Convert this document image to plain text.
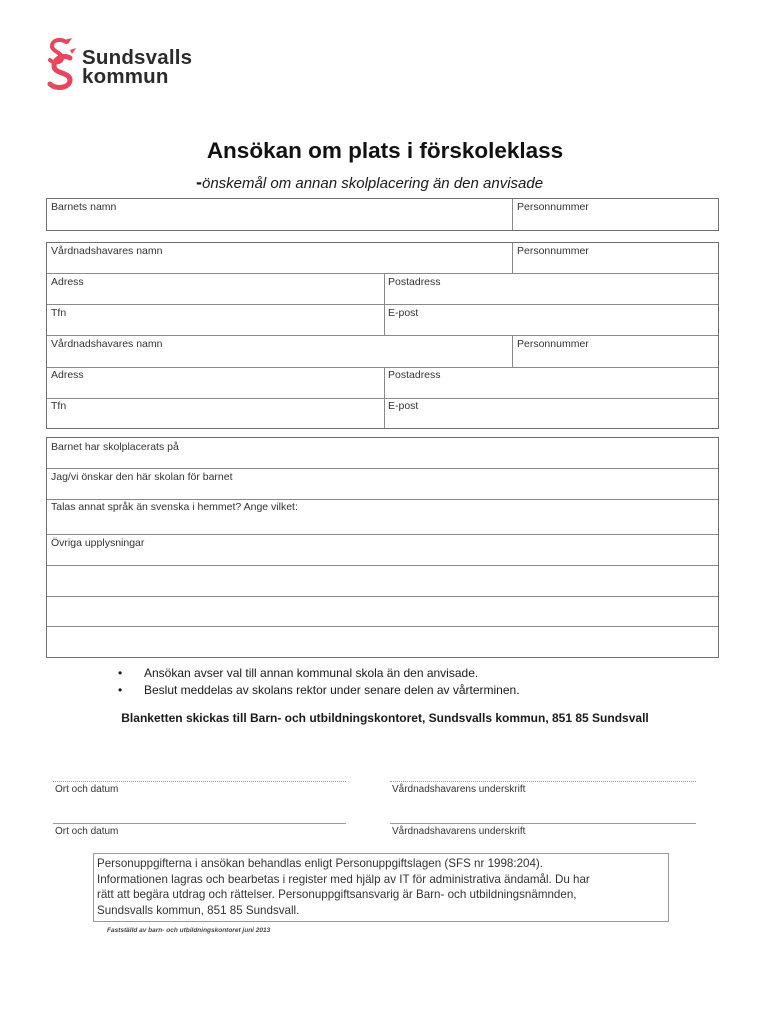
Sundsvalls
kommun
Ansökan om plats i förskoleklass
-önskemål om annan skolplacering än den anvisade
Barnets namn	Personnummer
Vårdnadshavares namn	Personnummer
Adress	Postadress
Tfn	E-post
Vårdnadshavares namn	Personnummer
Adress	Postadress
Tfn	E-post
Barnet har skolplacerats på
Jag/vi önskar den här skolan för barnet
Talas annat språk än svenska i hemmet? Ange vilket:
Övriga upplysningar
• Ansökan avser val till annan kommunal skola än den anvisade.
• Beslut meddelas av skolans rektor under senare delen av vårterminen.
Blanketten skickas till Barn- och utbildningskontoret, Sundsvalls kommun, 851 85 Sundsvall
Ort och datum	Vårdnadshavarens underskrift
Ort och datum	Vårdnadshavarens underskrift
Personuppgifterna i ansökan behandlas enligt Personuppgiftslagen (SFS nr 1998:204).
Informationen lagras och bearbetas i register med hjälp av IT för administrativa ändamål. Du har
rätt att begära utdrag och rättelser. Personuppgiftsansvarig är Barn- och utbildningsnämnden,
Sundsvalls kommun, 851 85 Sundsvall.
Fastställd av barn- och utbildningskontoret juni 2013
